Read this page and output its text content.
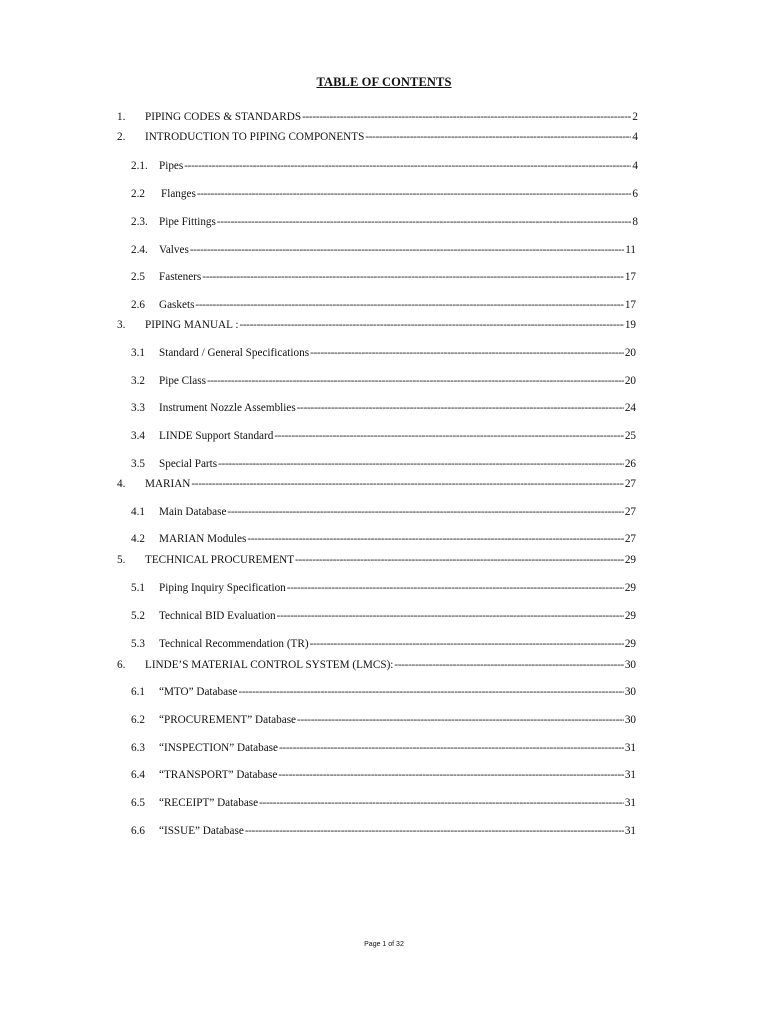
TABLE OF CONTENTS
1.	PIPING CODES & STANDARDS -----	2
2.	INTRODUCTION TO PIPING COMPONENTS -----	4
2.1.	Pipes -----	4
2.2	Flanges -----	6
2.3.	Pipe Fittings -----	8
2.4.	Valves -----	11
2.5	Fasteners -----	17
2.6	Gaskets -----	17
3.	PIPING MANUAL : -----	19
3.1	Standard / General Specifications -----	20
3.2	Pipe Class -----	20
3.3	Instrument Nozzle Assemblies -----	24
3.4	LINDE Support Standard -----	25
3.5	Special Parts -----	26
4.	MARIAN -----	27
4.1	Main Database -----	27
4.2	MARIAN Modules -----	27
5.	TECHNICAL PROCUREMENT -----	29
5.1	Piping Inquiry Specification -----	29
5.2	Technical BID Evaluation -----	29
5.3	Technical Recommendation (TR) -----	29
6.	LINDE’S MATERIAL CONTROL SYSTEM (LMCS): -----	30
6.1	“MTO” Database -----	30
6.2	“PROCUREMENT” Database -----	30
6.3	“INSPECTION” Database -----	31
6.4	“TRANSPORT” Database -----	31
6.5	“RECEIPT” Database -----	31
6.6	“ISSUE” Database -----	31
Page 1 of 32
